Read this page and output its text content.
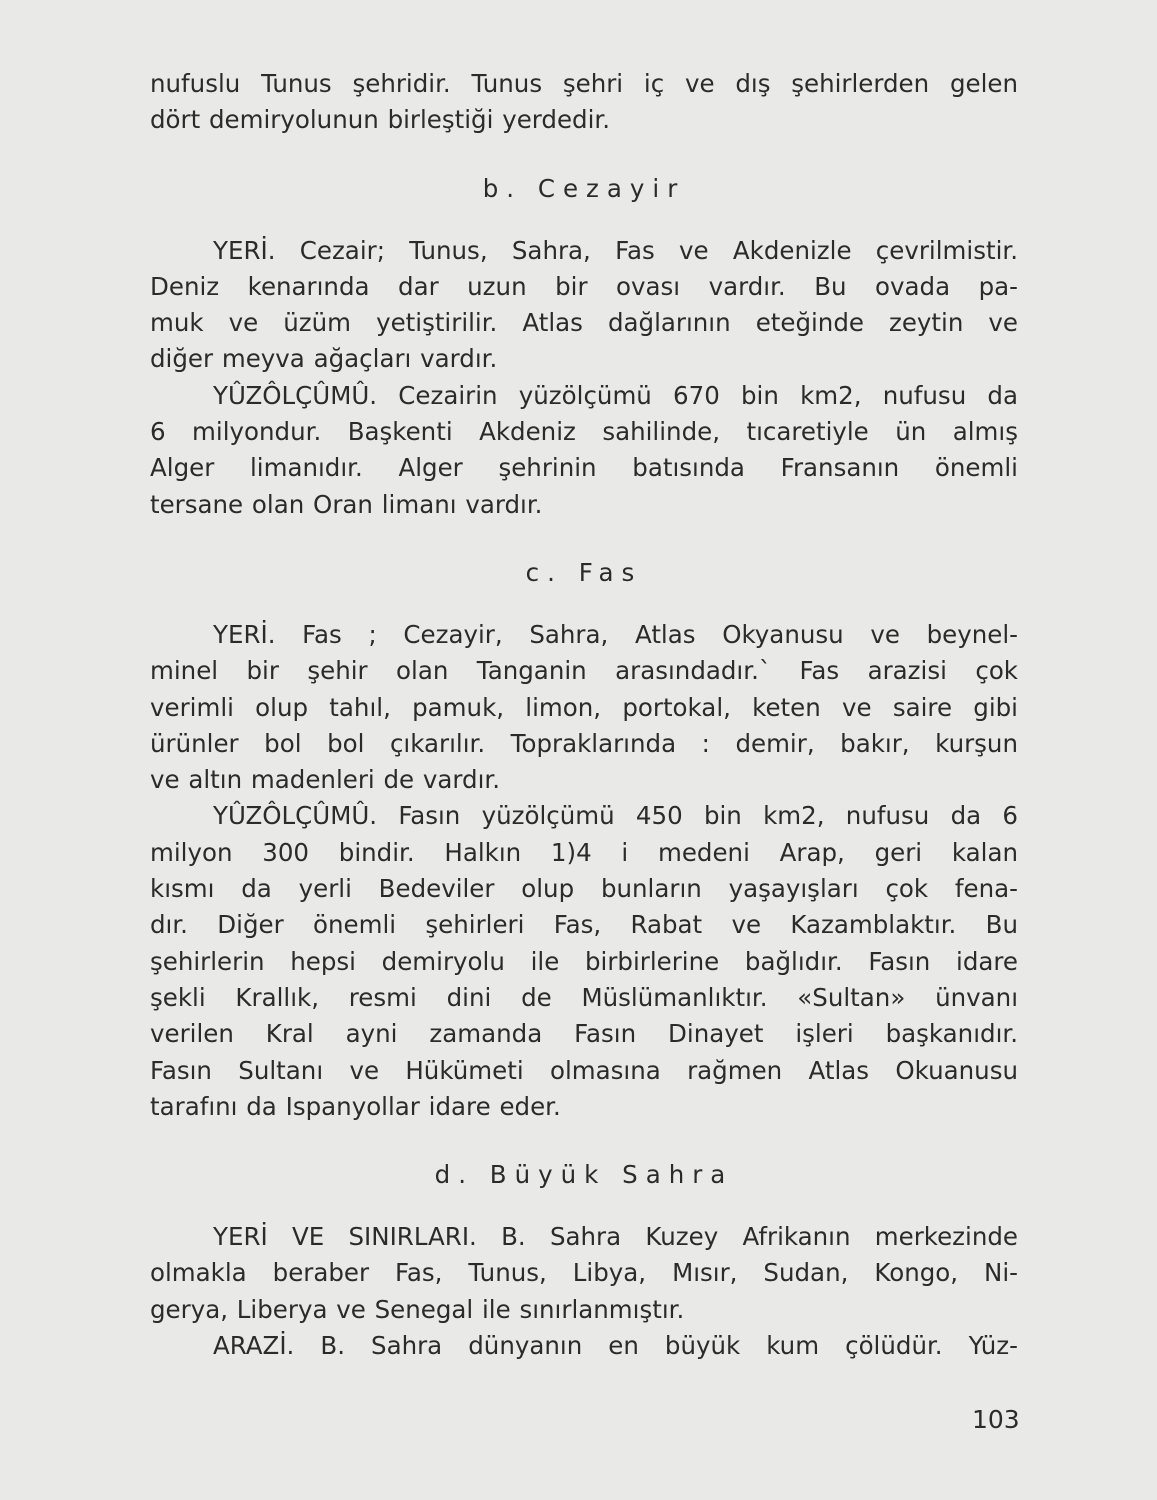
nufuslu Tunus şehridir. Tunus şehri iç ve dış şehirlerden gelen
dört demiryolunun birleştiği yerdedir.
b. Cezayir
YERİ. Cezair; Tunus, Sahra, Fas ve Akdenizle çevrilmistir.
Deniz kenarında dar uzun bir ovası vardır. Bu ovada pa-
muk ve üzüm yetiştirilir. Atlas dağlarının eteğinde zeytin ve
diğer meyva ağaçları vardır.
YÛZÔLÇÛMÛ. Cezairin yüzölçümü 670 bin km2, nufusu da
6 milyondur. Başkenti Akdeniz sahilinde, tıcaretiyle ün almış
Alger limanıdır. Alger şehrinin batısında Fransanın önemli
tersane olan Oran limanı vardır.
c. Fas
YERİ. Fas ; Cezayir, Sahra, Atlas Okyanusu ve beynel-
minel bir şehir olan Tanganin arasındadır.` Fas arazisi çok
verimli olup tahıl, pamuk, limon, portokal, keten ve saire gibi
ürünler bol bol çıkarılır. Topraklarında : demir, bakır, kurşun
ve altın madenleri de vardır.
YÛZÔLÇÛMÛ. Fasın yüzölçümü 450 bin km2, nufusu da 6
milyon 300 bindir. Halkın 1)4 i medeni Arap, geri kalan
kısmı da yerli Bedeviler olup bunların yaşayışları çok fena-
dır. Diğer önemli şehirleri Fas, Rabat ve Kazamblaktır. Bu
şehirlerin hepsi demiryolu ile birbirlerine bağlıdır. Fasın idare
şekli Krallık, resmi dini de Müslümanlıktır. «Sultan» ünvanı
verilen Kral ayni zamanda Fasın Dinayet işleri başkanıdır.
Fasın Sultanı ve Hükümeti olmasına rağmen Atlas Okuanusu
tarafını da Ispanyollar idare eder.
d. Büyük Sahra
YERİ VE SINIRLARI. B. Sahra Kuzey Afrikanın merkezinde
olmakla beraber Fas, Tunus, Libya, Mısır, Sudan, Kongo, Ni-
gerya, Liberya ve Senegal ile sınırlanmıştır.
ARAZİ. B. Sahra dünyanın en büyük kum çölüdür. Yüz-
103
